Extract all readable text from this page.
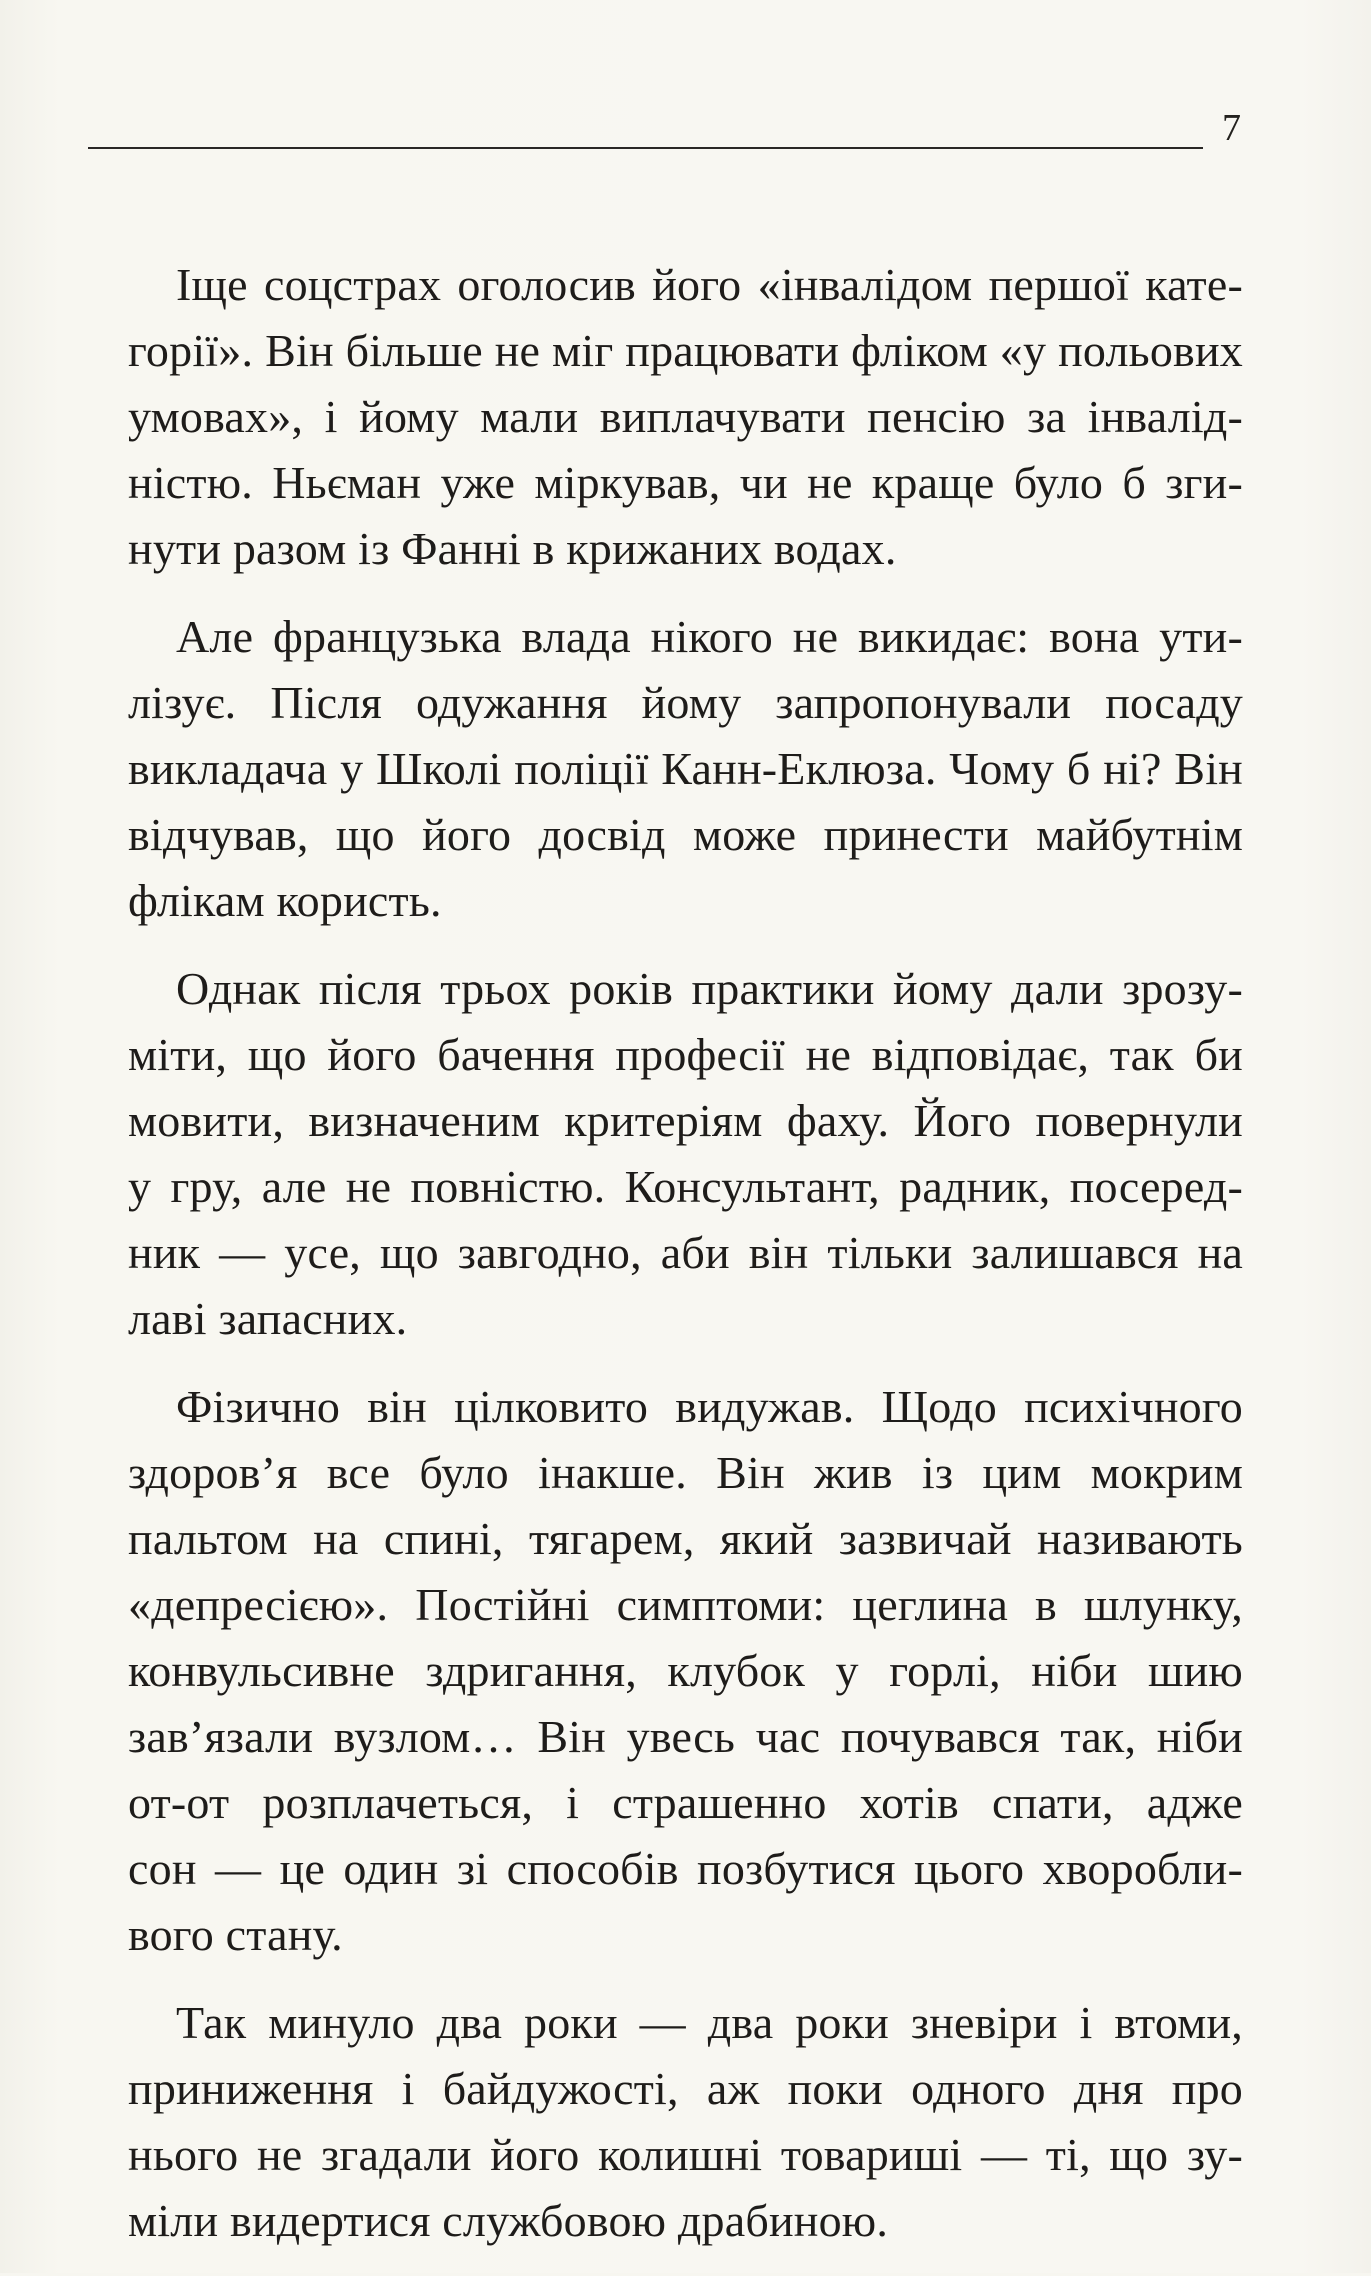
7

Іще соцстрах оголосив його «інвалідом першої кате-
горії». Він більше не міг працювати фліком «у польових
умовах», і йому мали виплачувати пенсію за інвалід-
ністю. Ньєман уже міркував, чи не краще було б зги-
нути разом із Фанні в крижаних водах.

Але французька влада нікого не викидає: вона ути-
лізує. Після одужання йому запропонували посаду
викладача у Школі поліції Канн-Еклюза. Чому б ні? Він
відчував, що його досвід може принести майбутнім
флікам користь.

Однак після трьох років практики йому дали зрозу-
міти, що його бачення професії не відповідає, так би
мовити, визначеним критеріям фаху. Його повернули
у гру, але не повністю. Консультант, радник, посеред-
ник — усе, що завгодно, аби він тільки залишався на
лаві запасних.

Фізично він цілковито видужав. Щодо психічного
здоров’я все було інакше. Він жив із цим мокрим
пальтом на спині, тягарем, який зазвичай називають
«депресією». Постійні симптоми: цеглина в шлунку,
конвульсивне здригання, клубок у горлі, ніби шию
зав’язали вузлом… Він увесь час почувався так, ніби
от-от розплачеться, і страшенно хотів спати, адже
сон — це один зі способів позбутися цього хворобли-
вого стану.

Так минуло два роки — два роки зневіри і втоми,
приниження і байдужості, аж поки одного дня про
нього не згадали його колишні товариші — ті, що зу-
міли видертися службовою драбиною.
